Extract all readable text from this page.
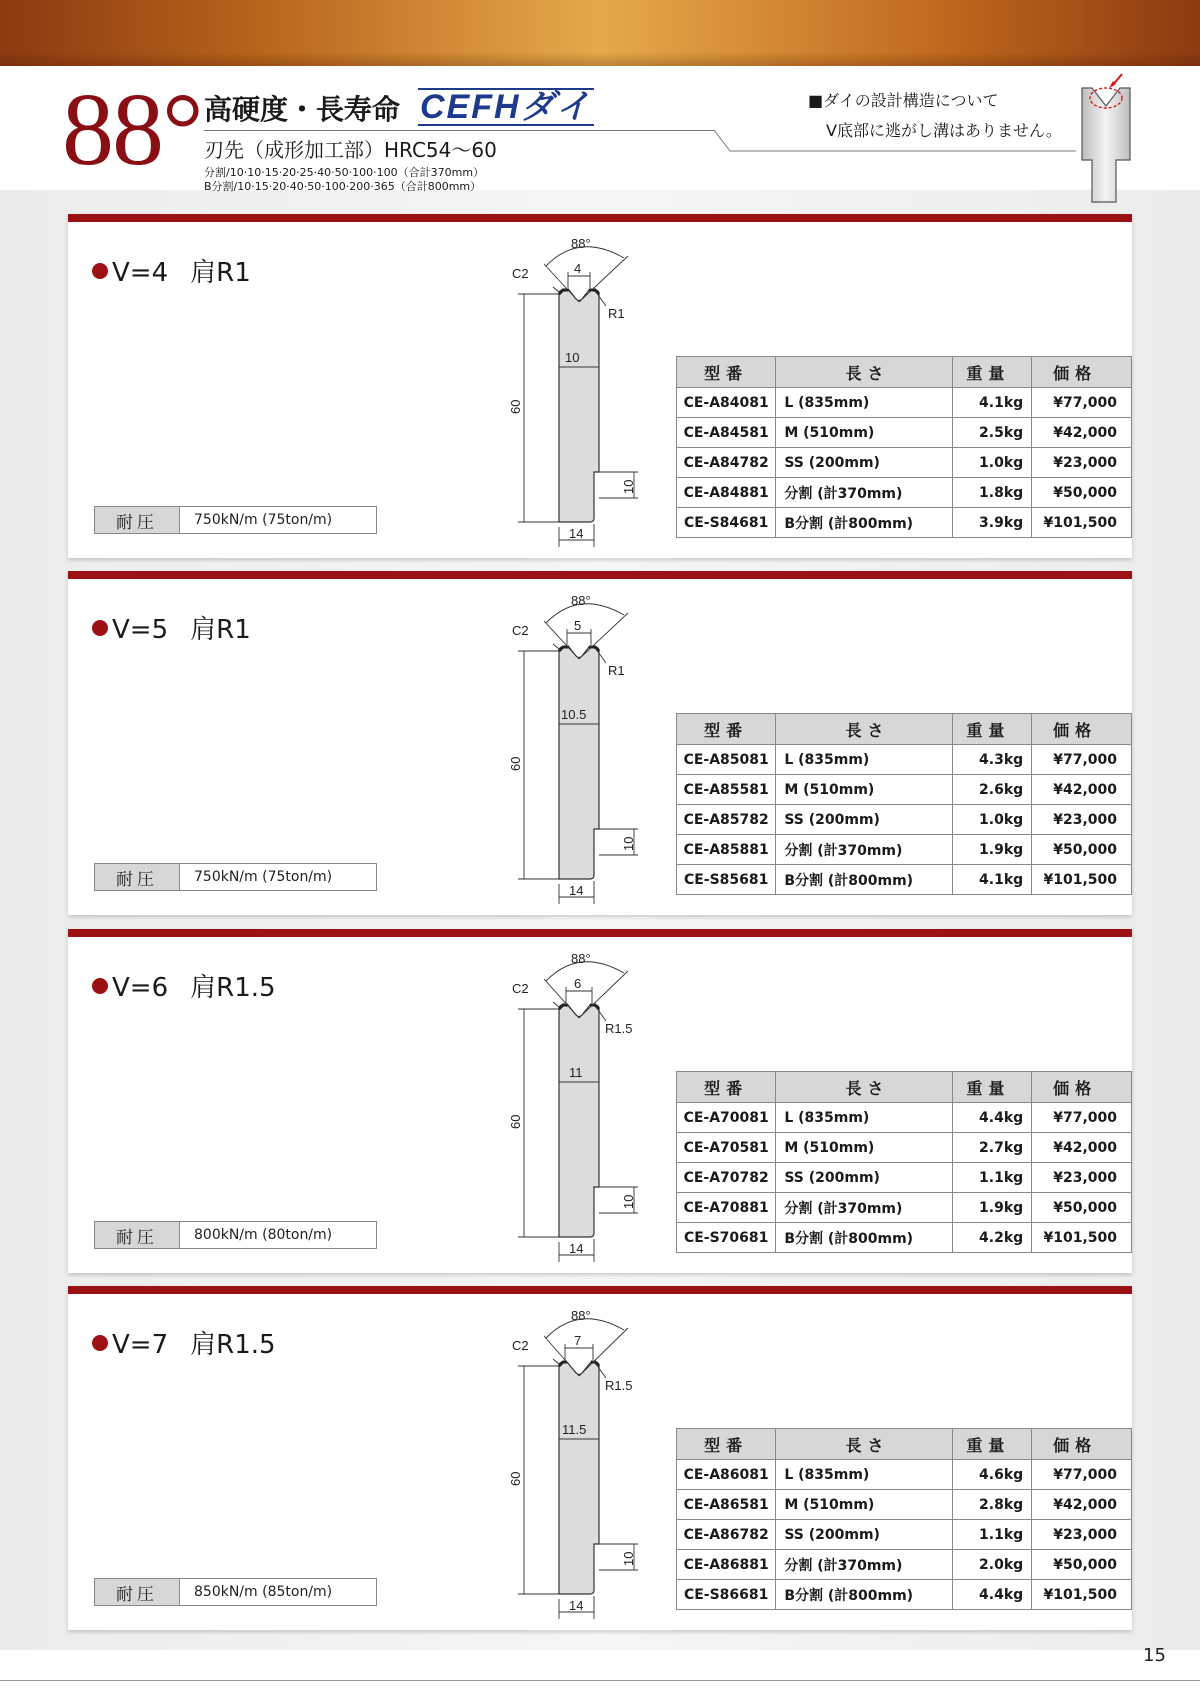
88° 高硬度・長寿命 CEFHダイ
刃先（成形加工部）HRC54～60
分割/10·10·15·20·25·40·50·100·100（合計370mm）
B分割/10·15·20·40·50·100·200·365（合計800mm）
■ダイの設計構造について
V底部に逃がし溝はありません。
V=4 肩R1
88°
C2	4
R1
10
60
10
14
型番	長さ	重量	価格
CE-A84081	L (835mm)	4.1kg	¥77,000
CE-A84581	M (510mm)	2.5kg	¥42,000
CE-A84782	SS (200mm)	1.0kg	¥23,000
CE-A84881	分割 (計370mm)	1.8kg	¥50,000
CE-S84681	B分割 (計800mm)	3.9kg	¥101,500
耐圧	750kN/m (75ton/m)
V=5 肩R1
88°
C2	5
R1
10.5
60
10
14
型番	長さ	重量	価格
CE-A85081	L (835mm)	4.3kg	¥77,000
CE-A85581	M (510mm)	2.6kg	¥42,000
CE-A85782	SS (200mm)	1.0kg	¥23,000
CE-A85881	分割 (計370mm)	1.9kg	¥50,000
CE-S85681	B分割 (計800mm)	4.1kg	¥101,500
耐圧	750kN/m (75ton/m)
V=6 肩R1.5
88°
C2	6
R1.5
11
60
10
14
型番	長さ	重量	価格
CE-A70081	L (835mm)	4.4kg	¥77,000
CE-A70581	M (510mm)	2.7kg	¥42,000
CE-A70782	SS (200mm)	1.1kg	¥23,000
CE-A70881	分割 (計370mm)	1.9kg	¥50,000
CE-S70681	B分割 (計800mm)	4.2kg	¥101,500
耐圧	800kN/m (80ton/m)
V=7 肩R1.5
88°
C2	7
R1.5
11.5
60
10
14
型番	長さ	重量	価格
CE-A86081	L (835mm)	4.6kg	¥77,000
CE-A86581	M (510mm)	2.8kg	¥42,000
CE-A86782	SS (200mm)	1.1kg	¥23,000
CE-A86881	分割 (計370mm)	2.0kg	¥50,000
CE-S86681	B分割 (計800mm)	4.4kg	¥101,500
耐圧	850kN/m (85ton/m)
15
